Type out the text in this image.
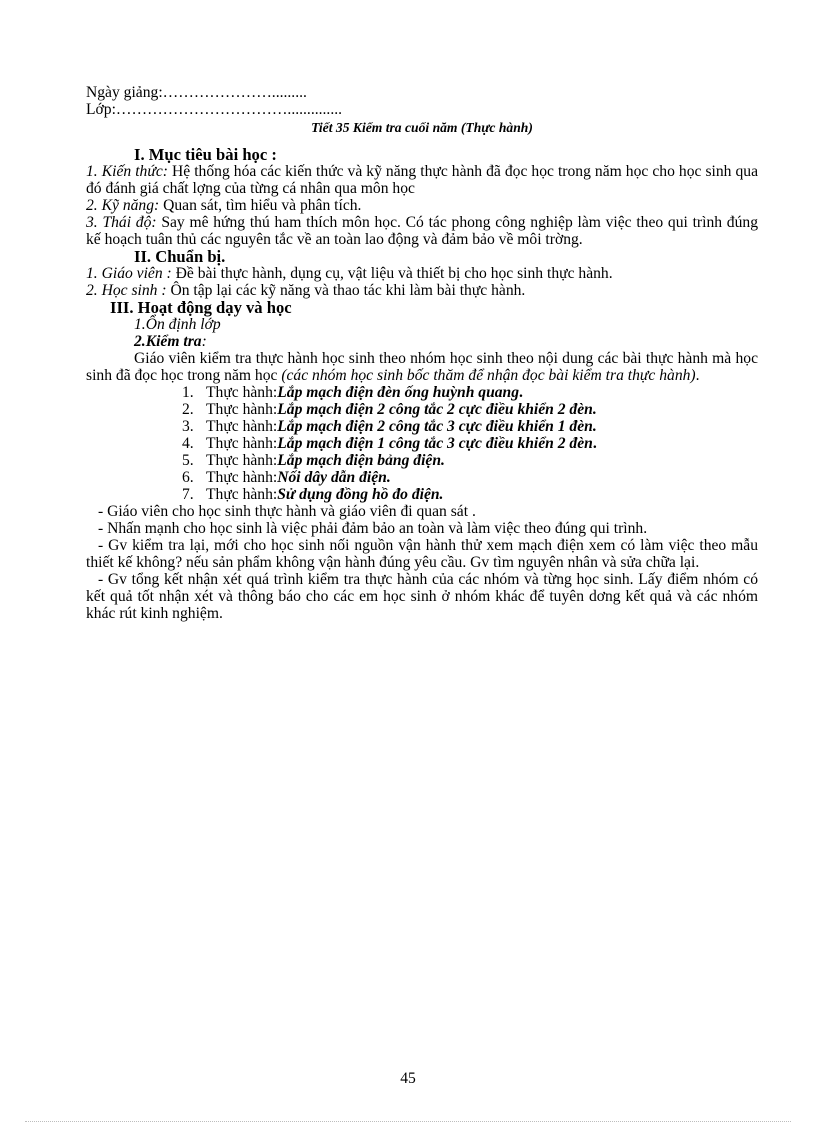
Ngày giảng:………………….........
Lớp:……………………………..............
Tiết 35 Kiểm tra cuối năm (Thực hành)
I. Mục tiêu bài học :
1. Kiến thức: Hệ thống hóa các kiến thức và kỹ năng thực hành đã đọc học trong năm học cho học sinh qua đó đánh giá chất lợng của từng cá nhân qua môn học
2. Kỹ năng: Quan sát, tìm hiểu và phân tích.
3. Thái độ: Say mê hứng thú ham thích môn học. Có tác phong công nghiệp làm việc theo qui trình đúng kế hoạch tuân thủ các nguyên tắc về an toàn lao động và đảm bảo về môi trờng.
II. Chuẩn bị.
1. Giáo viên : Đề bài thực hành, dụng cụ, vật liệu và thiết bị cho học sinh thực hành.
2. Học sinh : Ôn tập lại các kỹ năng và thao tác khi làm bài thực hành.
III. Hoạt động dạy và học
1.Ổn định lớp
2.Kiểm tra:
Giáo viên kiểm tra thực hành học sinh theo nhóm học sinh theo nội dung các bài thực hành mà học sinh đã đọc học trong năm học (các nhóm học sinh bốc thăm để nhận đọc bài kiểm tra thực hành).
1. Thực hành: Lắp mạch điện đèn ống huỳnh quang .
2. Thực hành: Lắp mạch điện 2 công tắc 2 cực điều khiển 2 đèn.
3. Thực hành: Lắp mạch điện 2 công tắc 3 cực điều khiển 1 đèn.
4. Thực hành: Lắp mạch điện 1 công tắc 3 cực điều khiển 2 đèn .
5. Thực hành: Lắp mạch điện bảng điện.
6. Thực hành: Nối dây dẫn điện.
7. Thực hành: Sử dụng đồng hồ đo điện.
- Giáo viên cho học sinh thực hành và giáo viên đi quan sát .
- Nhấn mạnh cho học sinh là việc phải đảm bảo an toàn và làm việc theo đúng qui trình.
- Gv kiểm tra lại, mới cho học sinh nối nguồn vận hành thử xem mạch điện xem có làm việc theo mẫu thiết kế không? nếu sản phẩm không vận hành đúng yêu cầu. Gv tìm nguyên nhân và sửa chữa lại.
- Gv tổng kết nhận xét quá trình kiểm tra thực hành của các nhóm và từng học sinh. Lấy điểm nhóm có kết quả tốt nhận xét và thông báo cho các em học sinh ở nhóm khác để tuyên dơng kết quả và các nhóm khác rút kinh nghiệm.
45
